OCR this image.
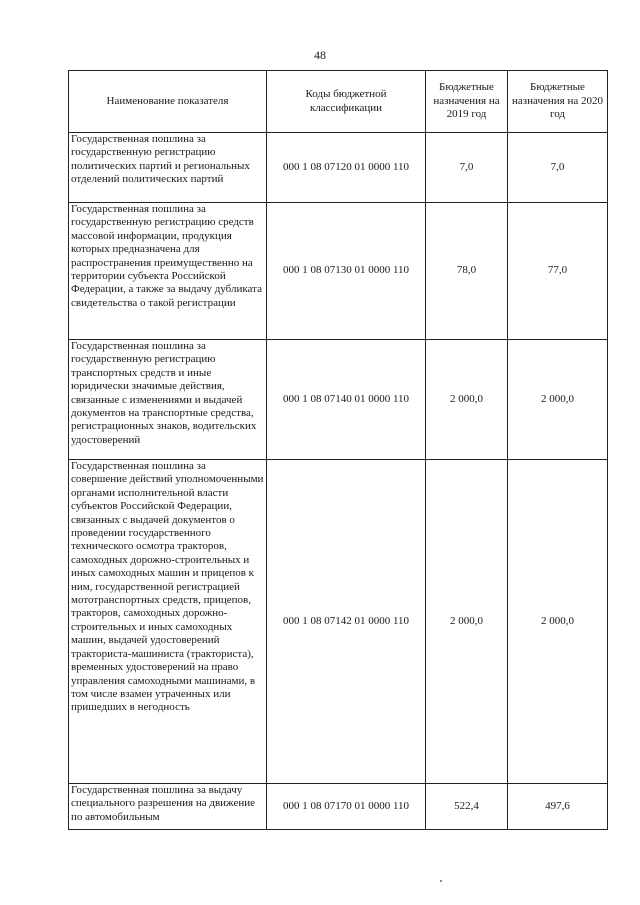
48
Наименование показателя	Коды бюджетной классификации	Бюджетные назначения на 2019 год	Бюджетные назначения на 2020 год
Государственная пошлина за государственную регистрацию политических партий и региональных отделений политических партий	000 1 08 07120 01 0000 110	7,0	7,0
Государственная пошлина за государственную регистрацию средств массовой информации, продукция которых предназначена для распространения преимущественно на территории субъекта Российской Федерации, а также за выдачу дубликата свидетельства о такой регистрации	000 1 08 07130 01 0000 110	78,0	77,0
Государственная пошлина за государственную регистрацию транспортных средств и иные юридически значимые действия, связанные с изменениями и выдачей документов на транспортные средства, регистрационных знаков, водительских удостоверений	000 1 08 07140 01 0000 110	2 000,0	2 000,0
Государственная пошлина за совершение действий уполномоченными органами исполнительной власти субъектов Российской Федерации, связанных с выдачей документов о проведении государственного технического осмотра тракторов, самоходных дорожно-строительных и иных самоходных машин и прицепов к ним, государственной регистрацией мототранспортных средств, прицепов, тракторов, самоходных дорожно-строительных и иных самоходных машин, выдачей удостоверений тракториста-машиниста (тракториста), временных удостоверений на право управления самоходными машинами, в том числе взамен утраченных или пришедших в негодность	000 1 08 07142 01 0000 110	2 000,0	2 000,0
Государственная пошлина за выдачу специального разрешения на движение по автомобильным	000 1 08 07170 01 0000 110	522,4	497,6
